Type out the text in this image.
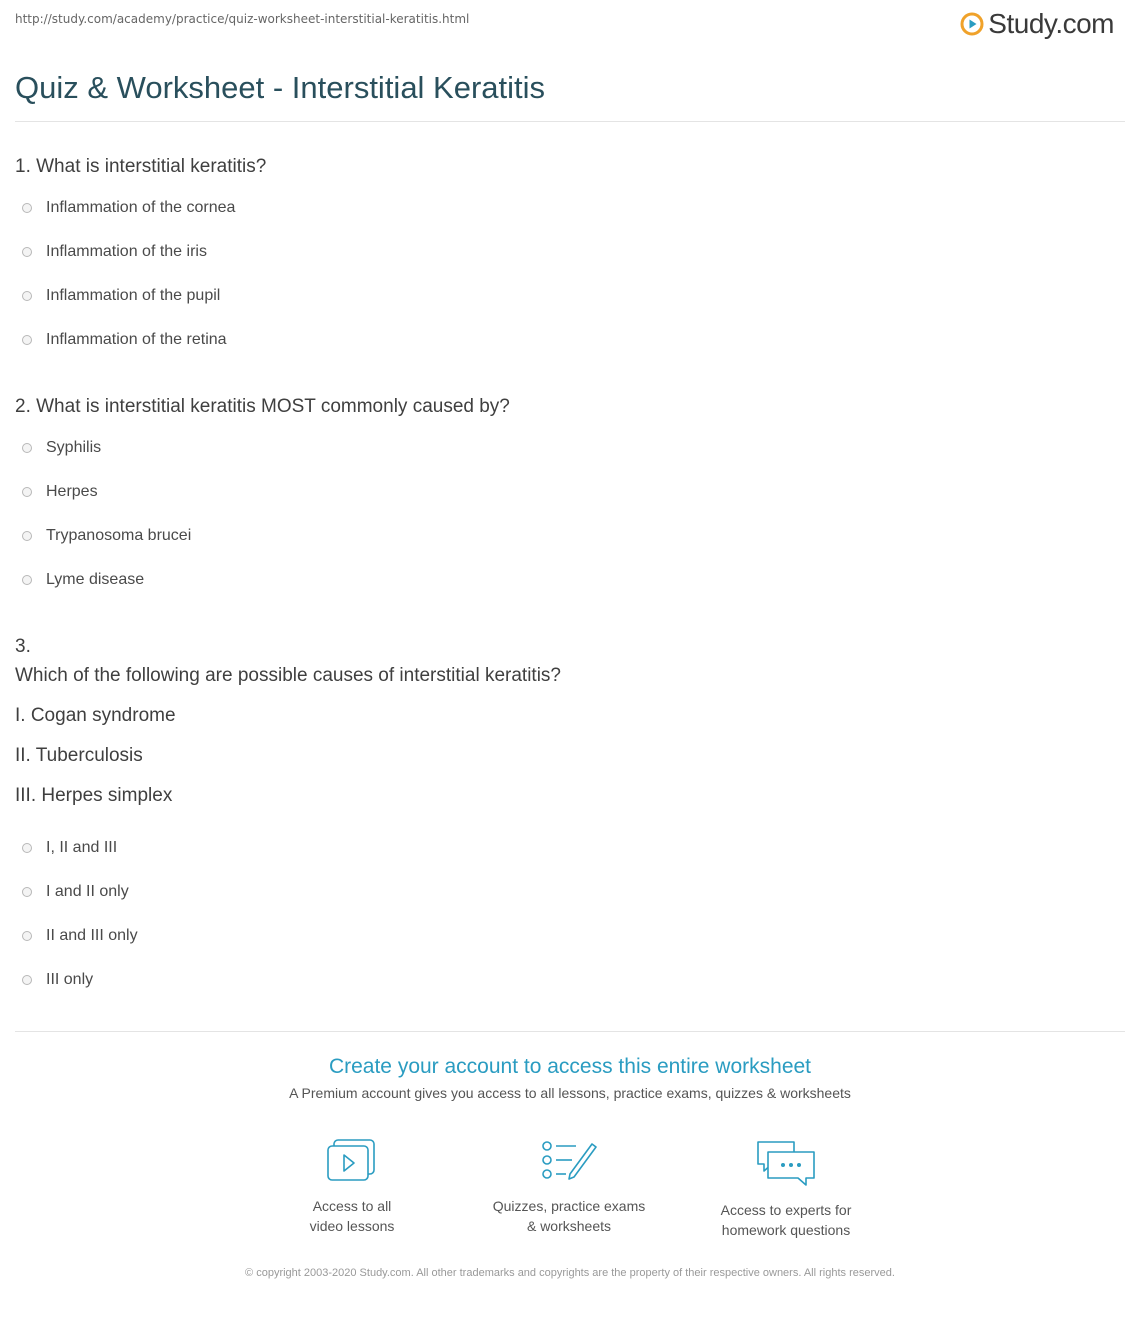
http://study.com/academy/practice/quiz-worksheet-interstitial-keratitis.html	Study.com
Quiz & Worksheet - Interstitial Keratitis
1. What is interstitial keratitis?
Inflammation of the cornea
Inflammation of the iris
Inflammation of the pupil
Inflammation of the retina
2. What is interstitial keratitis MOST commonly caused by?
Syphilis
Herpes
Trypanosoma brucei
Lyme disease
3.
Which of the following are possible causes of interstitial keratitis?
I. Cogan syndrome
II. Tuberculosis
III. Herpes simplex
I, II and III
I and II only
II and III only
III only
Create your account to access this entire worksheet
A Premium account gives you access to all lessons, practice exams, quizzes & worksheets
Access to all
video lessons
Quizzes, practice exams
& worksheets
Access to experts for
homework questions
© copyright 2003-2020 Study.com. All other trademarks and copyrights are the property of their respective owners. All rights reserved.
